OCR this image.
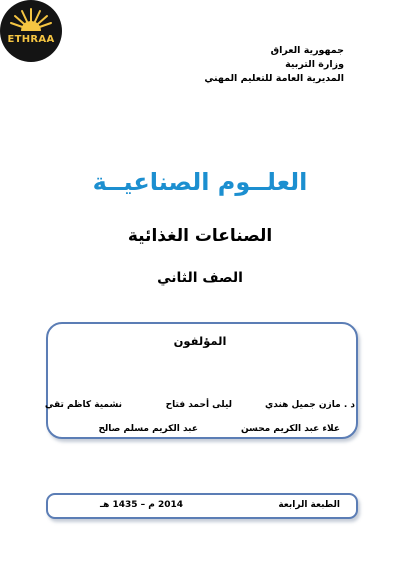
ETHRAA
جمهورية العراق
وزارة التربية
المديرية العامة للتعليم المهني
العلــوم الصناعيــة
الصناعات الغذائية
الصف الثاني
المؤلفون
د . مازن جميل هندي
ليلى أحمد فتاح
نشمية كاظم تقي
علاء عبد الكريم محسن
عبد الكريم مسلم صالح
الطبعة الرابعة
2014 م – 1435 هـ
